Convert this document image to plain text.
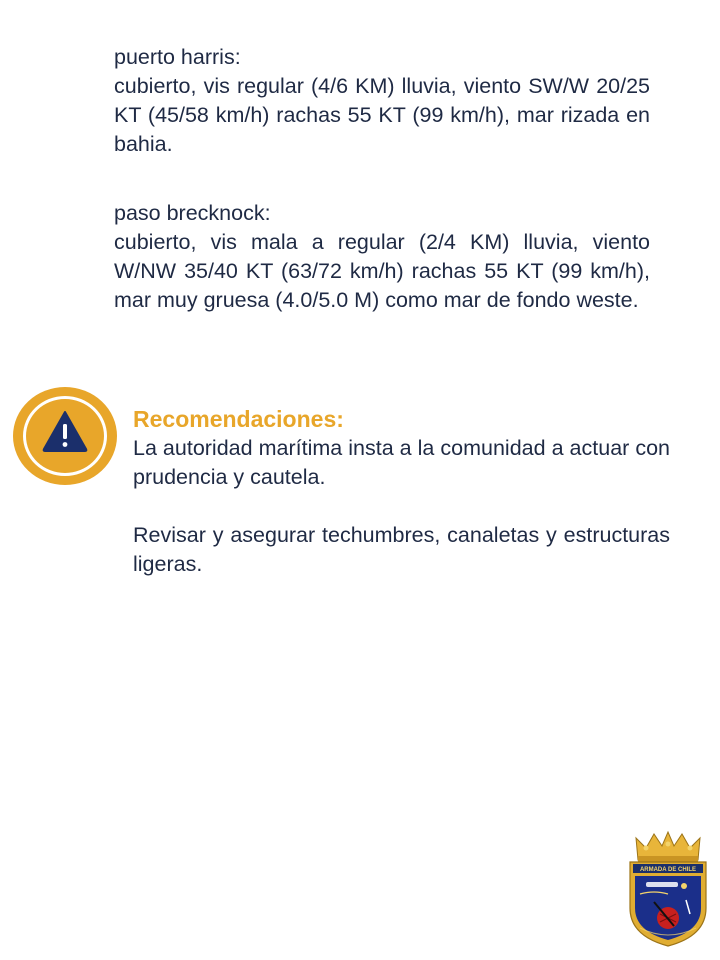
puerto harris:

cubierto, vis regular (4/6 KM) lluvia, viento SW/W 20/25 KT (45/58 km/h) rachas 55 KT (99 km/h), mar rizada en bahia.

paso brecknock:

cubierto, vis mala a regular (2/4 KM) lluvia, viento W/NW 35/40 KT (63/72 km/h) rachas 55 KT (99 km/h), mar muy gruesa (4.0/5.0 M) como mar de fondo weste.

Recomendaciones:

La autoridad marítima insta a la comunidad a actuar con prudencia y cautela.

Revisar y asegurar techumbres, canaletas y estructuras ligeras.

ARMADA DE CHILE
